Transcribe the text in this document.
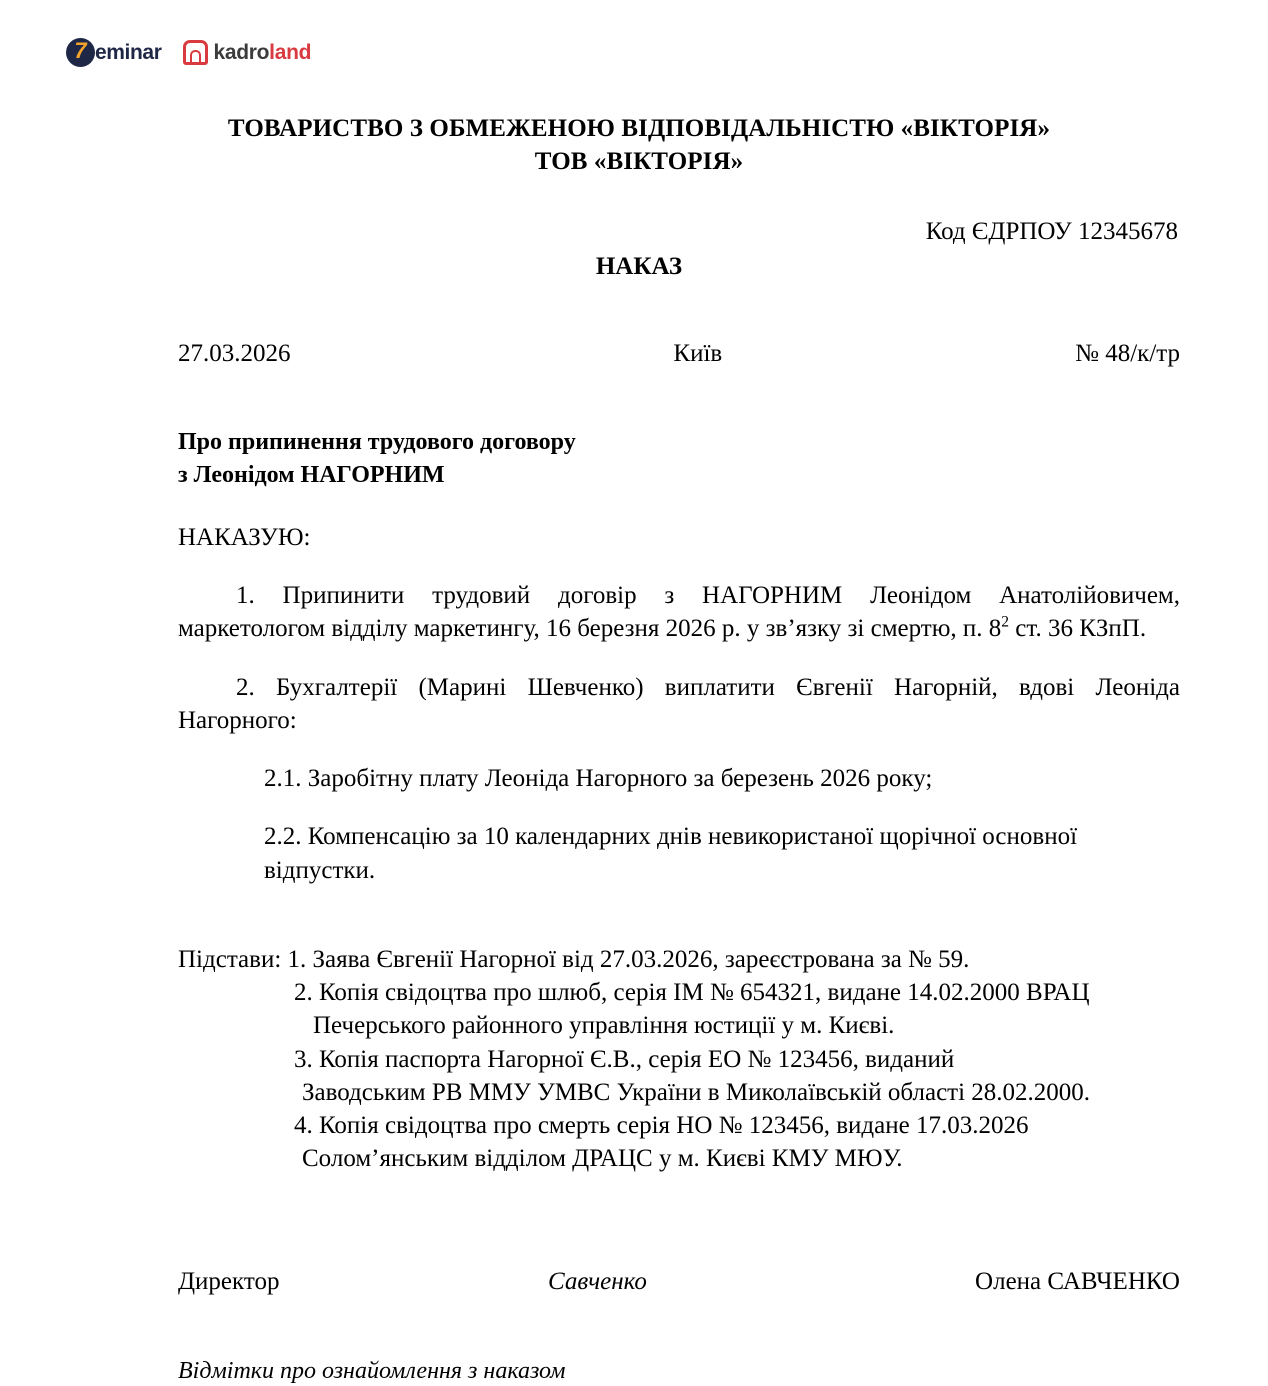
7 eminar kadroland
ТОВАРИСТВО З ОБМЕЖЕНОЮ ВІДПОВІДАЛЬНІСТЮ «ВІКТОРІЯ»
ТОВ «ВІКТОРІЯ»
Код ЄДРПОУ 12345678
НАКАЗ
27.03.2026	Київ	№ 48/к/тр
Про припинення трудового договору
з Леонідом НАГОРНИМ
НАКАЗУЮ:

1. Припинити трудовий договір з НАГОРНИМ Леонідом Анатолійовичем, маркетологом відділу маркетингу, 16 березня 2026 р. у зв’язку зі смертю, п. $8^2$ ст. 36 КЗпП.

2. Бухгалтерії (Марині Шевченко) виплатити Євгенії Нагорній, вдові Леоніда Нагорного:

2.1. Заробітну плату Леоніда Нагорного за березень 2026 року;

2.2. Компенсацію за 10 календарних днів невикористаної щорічної основної відпустки.

Підстави: 1. Заява Євгенії Нагорної від 27.03.2026, зареєстрована за № 59.
2. Копія свідоцтва про шлюб, серія ІМ № 654321, видане 14.02.2000 ВРАЦ
Печерського районного управління юстиції у м. Києві.
3. Копія паспорта Нагорної Є.В., серія ЕО № 123456, виданий
Заводським РВ ММУ УМВС України в Миколаївській області 28.02.2000.
4. Копія свідоцтва про смерть серія НО № 123456, видане 17.03.2026
Солом’янським відділом ДРАЦС у м. Києві КМУ МЮУ.
Директор	Савченко	Олена САВЧЕНКО
Відмітки про ознайомлення з наказом
